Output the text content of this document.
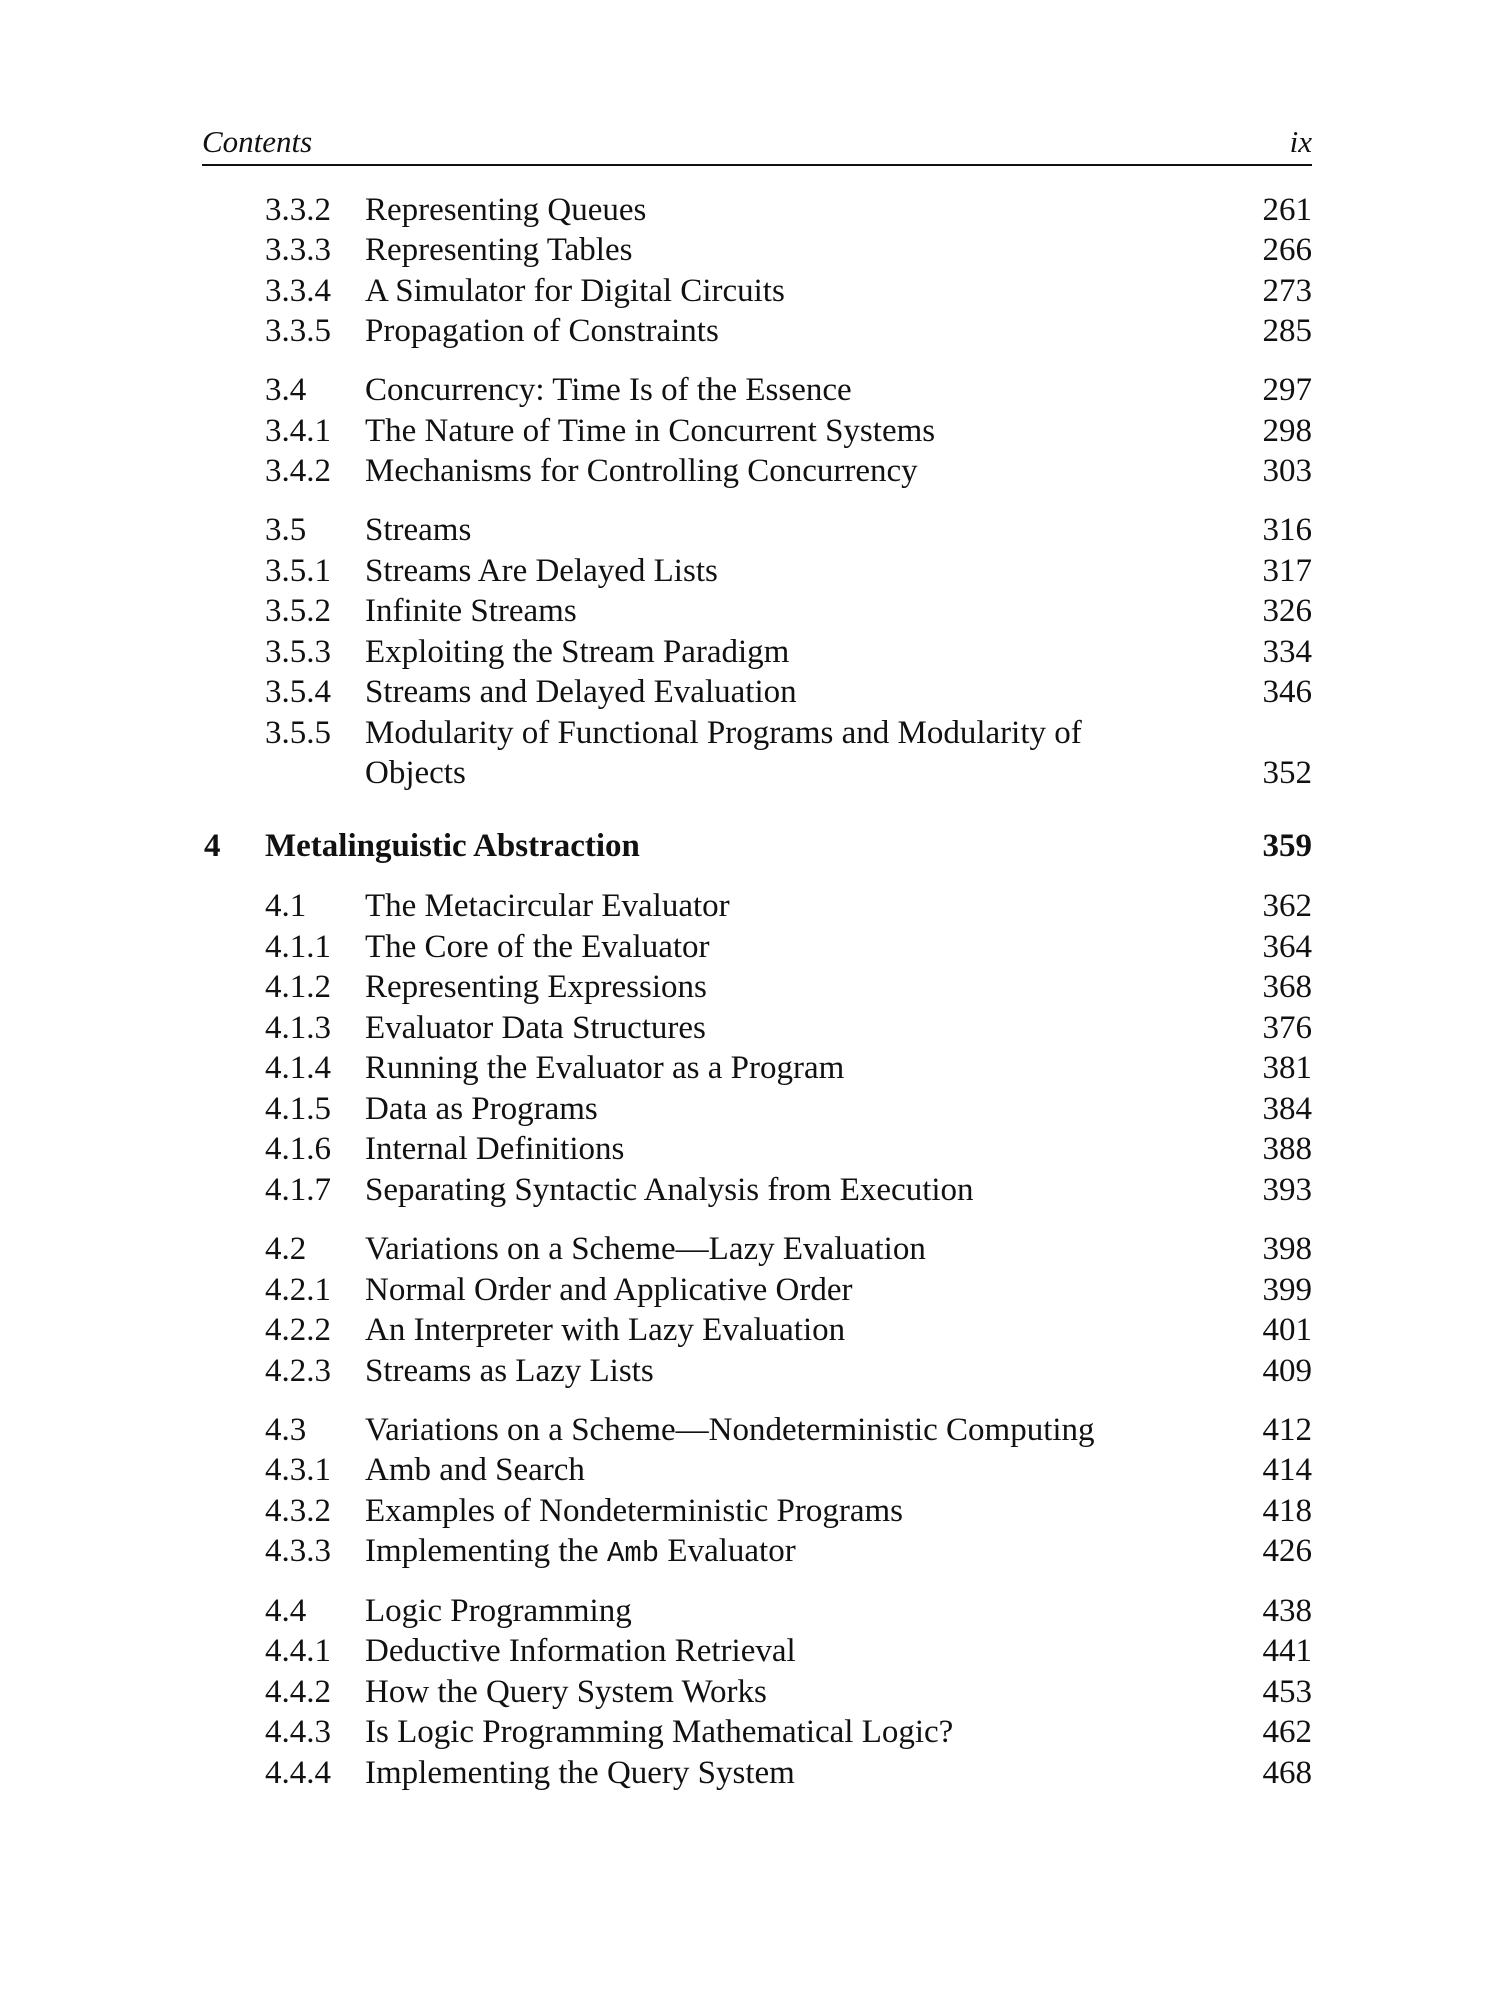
Contents	ix
3.3.2 Representing Queues	261
3.3.3 Representing Tables	266
3.3.4 A Simulator for Digital Circuits	273
3.3.5 Propagation of Constraints	285
3.4 Concurrency: Time Is of the Essence	297
3.4.1 The Nature of Time in Concurrent Systems	298
3.4.2 Mechanisms for Controlling Concurrency	303
3.5 Streams	316
3.5.1 Streams Are Delayed Lists	317
3.5.2 Infinite Streams	326
3.5.3 Exploiting the Stream Paradigm	334
3.5.4 Streams and Delayed Evaluation	346
3.5.5 Modularity of Functional Programs and Modularity of
Objects	352
4 Metalinguistic Abstraction	359
4.1 The Metacircular Evaluator	362
4.1.1 The Core of the Evaluator	364
4.1.2 Representing Expressions	368
4.1.3 Evaluator Data Structures	376
4.1.4 Running the Evaluator as a Program	381
4.1.5 Data as Programs	384
4.1.6 Internal Definitions	388
4.1.7 Separating Syntactic Analysis from Execution	393
4.2 Variations on a Scheme—Lazy Evaluation	398
4.2.1 Normal Order and Applicative Order	399
4.2.2 An Interpreter with Lazy Evaluation	401
4.2.3 Streams as Lazy Lists	409
4.3 Variations on a Scheme—Nondeterministic Computing	412
4.3.1 Amb and Search	414
4.3.2 Examples of Nondeterministic Programs	418
4.3.3 Implementing the Amb Evaluator	426
4.4 Logic Programming	438
4.4.1 Deductive Information Retrieval	441
4.4.2 How the Query System Works	453
4.4.3 Is Logic Programming Mathematical Logic?	462
4.4.4 Implementing the Query System	468
